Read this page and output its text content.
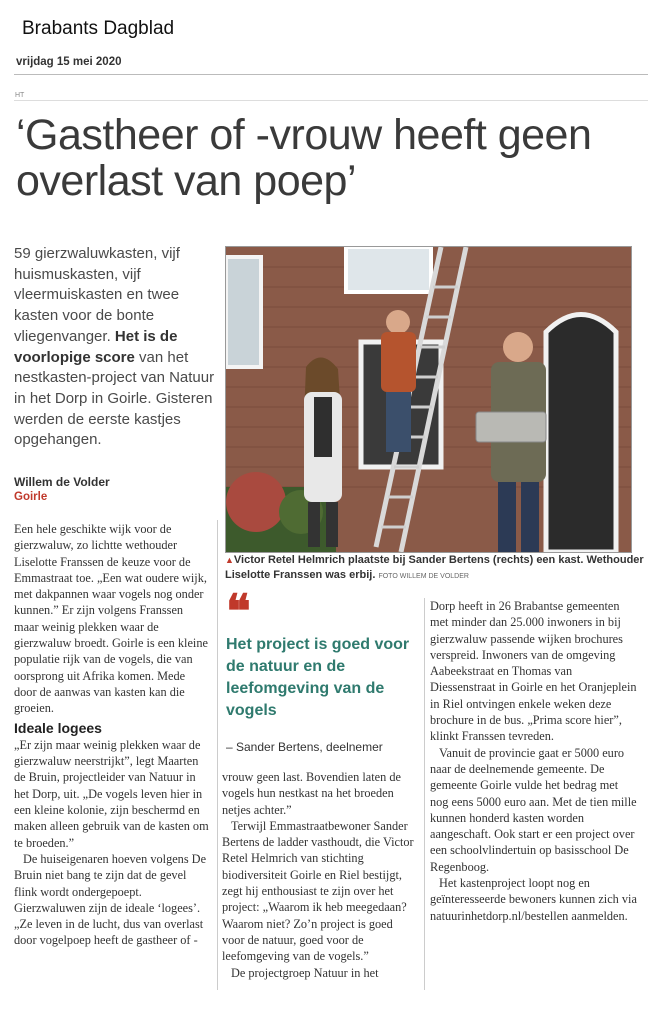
Brabants Dagblad
vrijdag 15 mei 2020
HT
‘Gastheer of -vrouw heeft geen overlast van poep’
59 gierzwaluwkasten, vijf huismuskasten, vijf vleermuiskasten en twee kasten voor de bonte vliegenvanger. Het is de voorlopige score van het nestkasten-project van Natuur in het Dorp in Goirle. Gisteren werden de eerste kastjes opgehangen.
▲Victor Retel Helmrich plaatste bij Sander Bertens (rechts) een kast. Wethouder Liselotte Franssen was erbij. FOTO WILLEM DE VOLDER
Willem de Volder
Goirle

Een hele geschikte wijk voor de gierzwaluw, zo lichtte wethouder Liselotte Franssen de keuze voor de Emmastraat toe. „Een wat oudere wijk, met dakpannen waar vogels nog onder kunnen.” Er zijn volgens Franssen maar weinig plekken waar de gierzwaluw broedt. Goirle is een kleine populatie rijk van de vogels, die van oorsprong uit Afrika komen. Mede door de aanwas van kasten kan die groeien.

Ideale logees

„Er zijn maar weinig plekken waar de gierzwaluw neerstrijkt”, legt Maarten de Bruin, projectleider van Natuur in het Dorp, uit. „De vogels leven hier in een kleine kolonie, zijn beschermd en maken alleen gebruik van de kasten om te broeden.”

De huiseigenaren hoeven volgens De Bruin niet bang te zijn dat de gevel flink wordt ondergepoept. Gierzwaluwen zijn de ideale ‘logees’. „Ze leven in de lucht, dus van overlast door vogelpoep heeft de gastheer of -

❝
Het project is goed voor de natuur en de leefomgeving van de vogels
– Sander Bertens, deelnemer

vrouw geen last. Bovendien laten de vogels hun nestkast na het broeden netjes achter.”

Terwijl Emmastraatbewoner Sander Bertens de ladder vasthoudt, die Victor Retel Helmrich van stichting biodiversiteit Goirle en Riel bestijgt, zegt hij enthousiast te zijn over het project: „Waarom ik heb meegedaan? Waarom niet? Zo’n project is goed voor de natuur, goed voor de leefomgeving van de vogels.”

De projectgroep Natuur in het

Dorp heeft in 26 Brabantse gemeenten met minder dan 25.000 inwoners in bij gierzwaluw passende wijken brochures verspreid. Inwoners van de omgeving Aabeekstraat en Thomas van Diessenstraat in Goirle en het Oranjeplein in Riel ontvingen enkele weken deze brochure in de bus. „Prima score hier”, klinkt Franssen tevreden.

Vanuit de provincie gaat er 5000 euro naar de deelnemende gemeente. De gemeente Goirle vulde het bedrag met nog eens 5000 euro aan. Met de tien mille kunnen honderd kasten worden aangeschaft. Ook start er een project over een schoolvlindertuin op basisschool De Regenboog.

Het kastenproject loopt nog en geïnteresseerde bewoners kunnen zich via natuurinhetdorp.nl/bestellen aanmelden.
